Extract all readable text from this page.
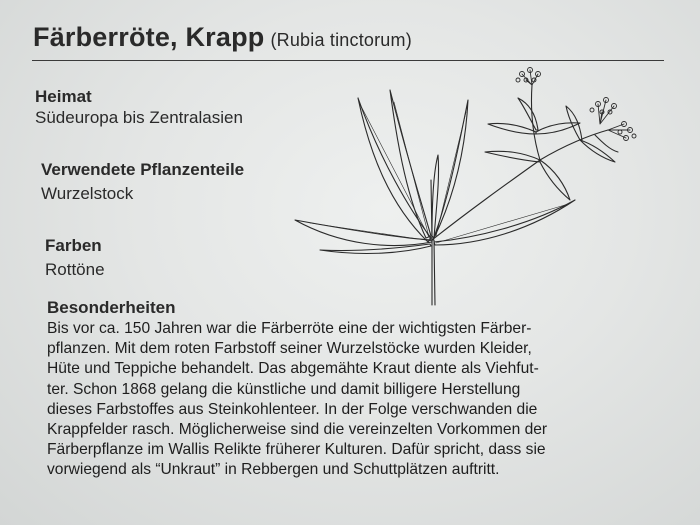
Färberröte, Krapp (Rubia tinctorum)
Heimat
Südeuropa bis Zentralasien
Verwendete Pflanzenteile
Wurzelstock
Farben
Rottöne
Besonderheiten
Bis vor ca. 150 Jahren war die Färberröte eine der wichtigsten Färber-
pflanzen. Mit dem roten Farbstoff seiner Wurzelstöcke wurden Kleider,
Hüte und Teppiche behandelt. Das abgemähte Kraut diente als Viehfut-
ter. Schon 1868 gelang die künstliche und damit billigere Herstellung
dieses Farbstoffes aus Steinkohlenteer. In der Folge verschwanden die
Krappfelder rasch. Möglicherweise sind die vereinzelten Vorkommen der
Färberpflanze im Wallis Relikte früherer Kulturen. Dafür spricht, dass sie
vorwiegend als “Unkraut” in Rebbergen und Schuttplätzen auftritt.
